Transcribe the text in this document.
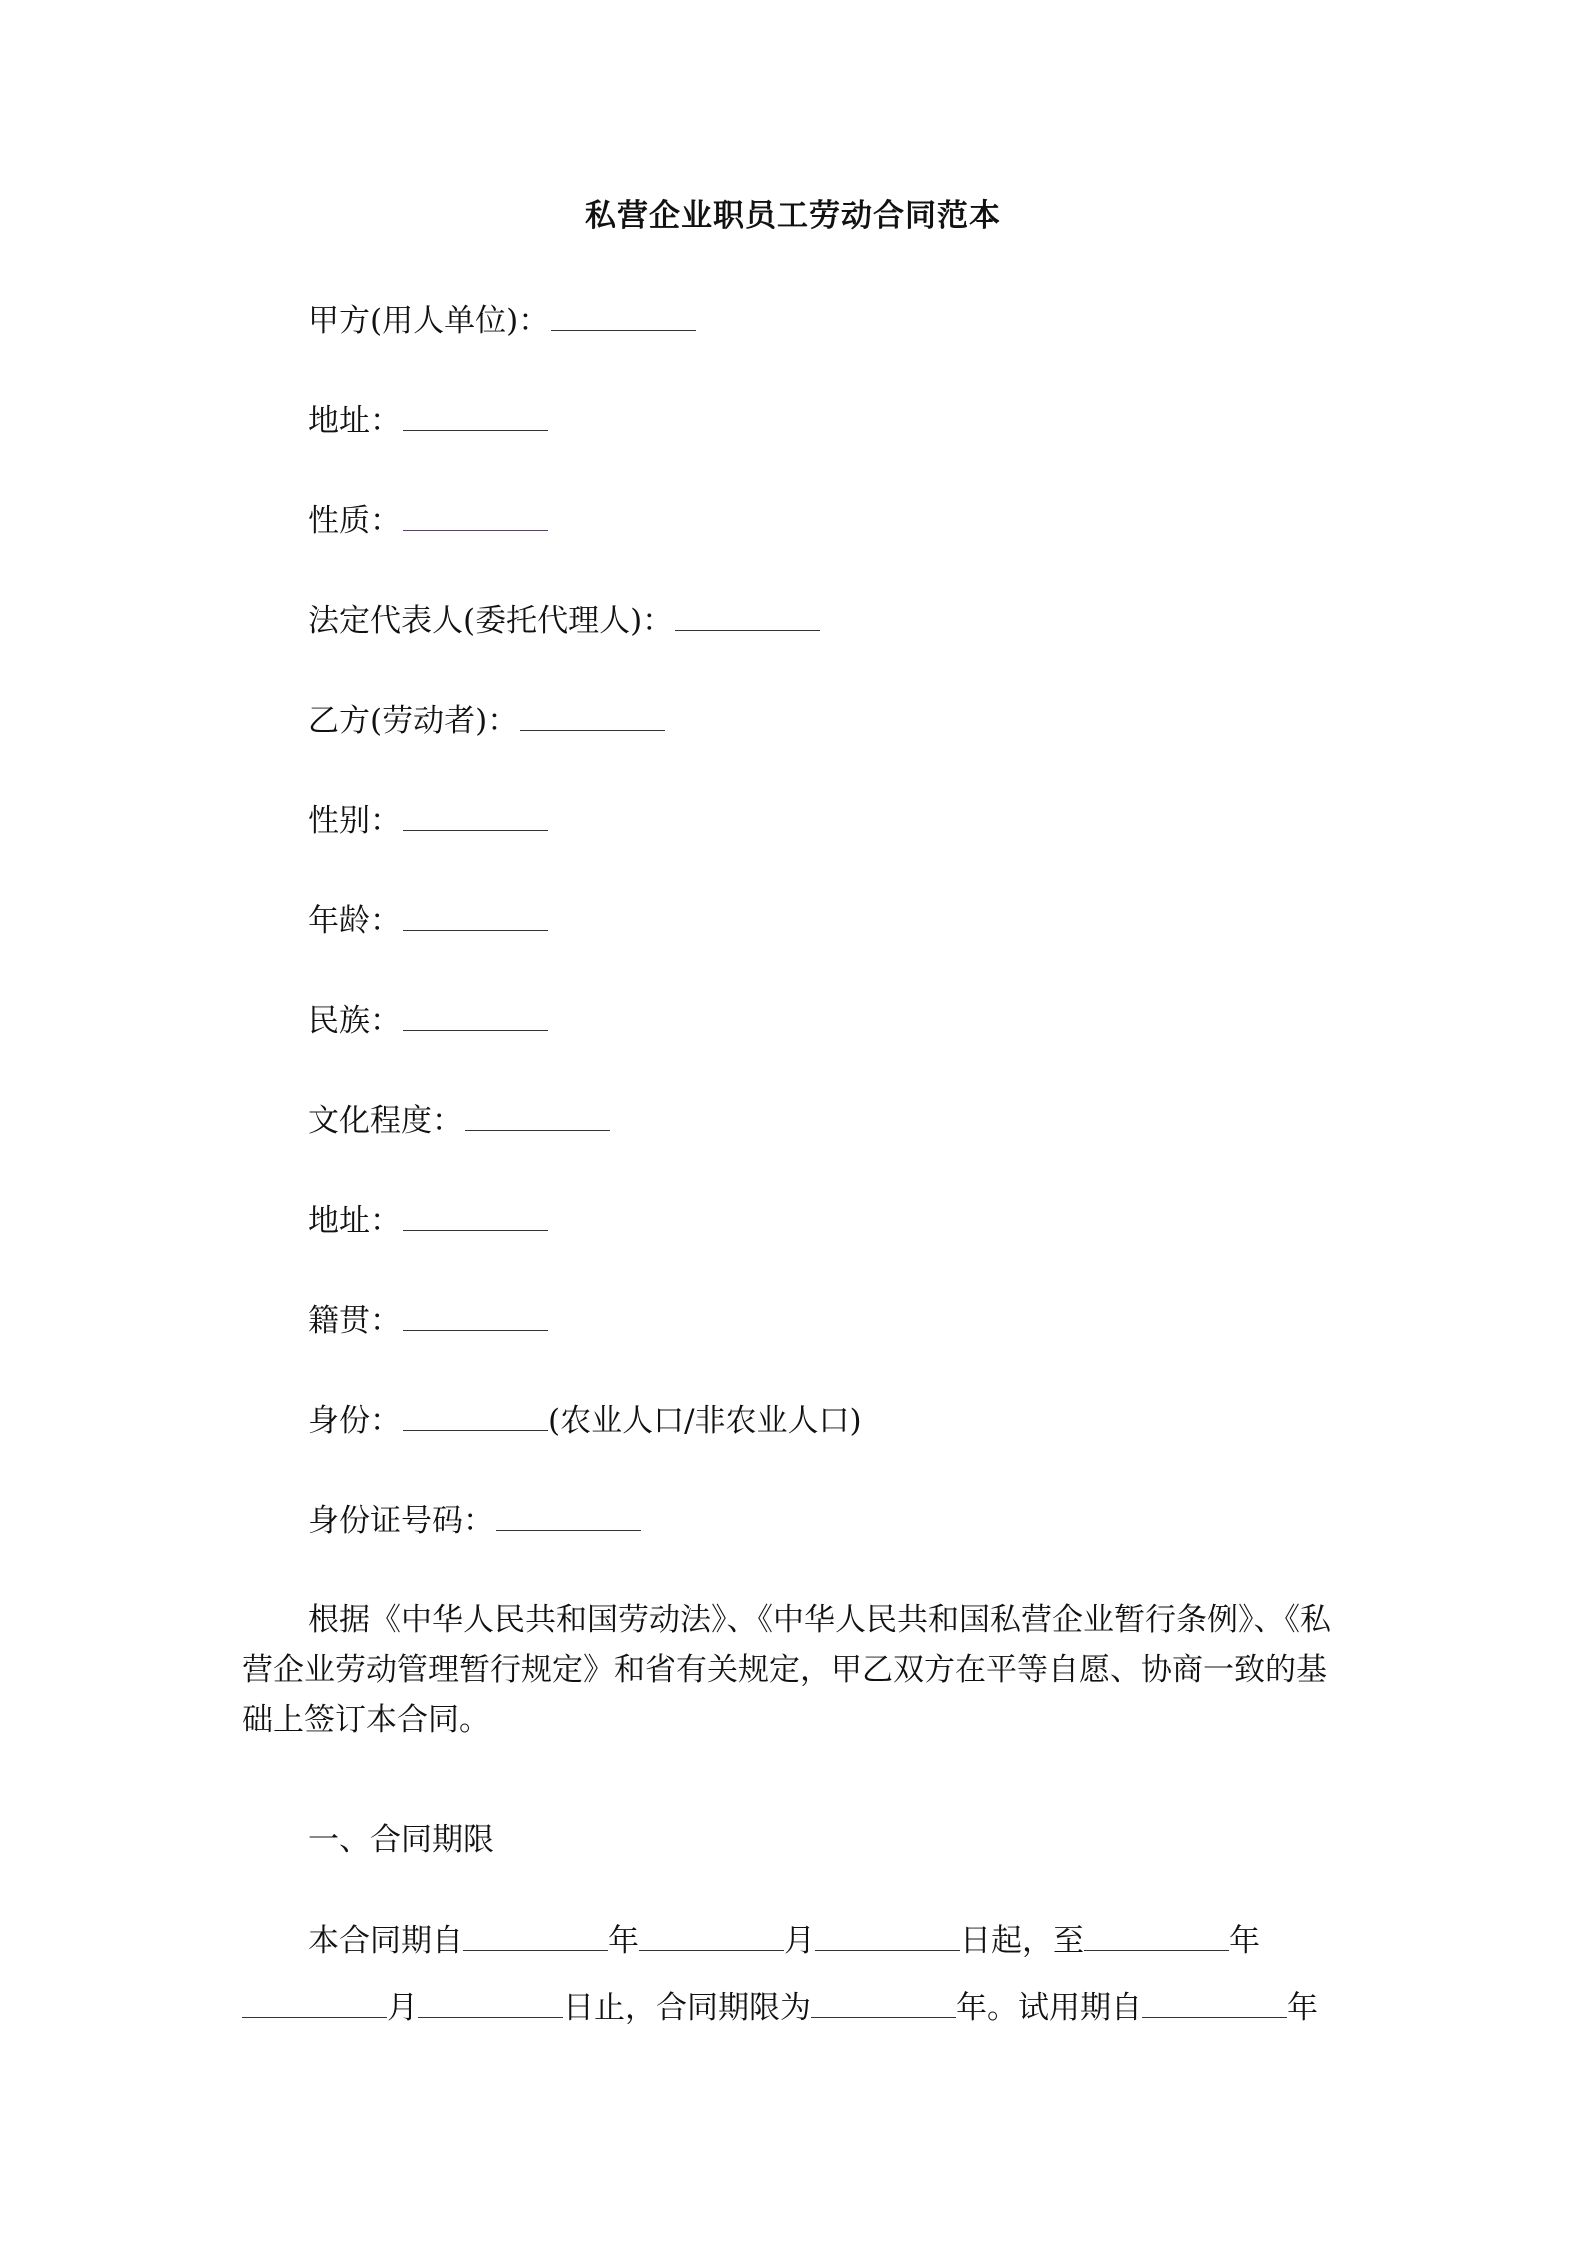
私营企业职员工劳动合同范本
甲方(用人单位)：
地址：
性质：
法定代表人(委托代理人)：
乙方(劳动者)：
性别：
年龄：
民族：
文化程度：
地址：
籍贯：
身份：	(农业人口/非农业人口)
身份证号码：
根据《中华人民共和国劳动法》、《中华人民共和国私营企业暂行条例》、《私营企业劳动管理暂行规定》和省有关规定，甲乙双方在平等自愿、协商一致的基础上签订本合同。
一、合同期限
本合同期自	年	月	日起，至	年
月	日止，合同期限为	年。试用期自	年
